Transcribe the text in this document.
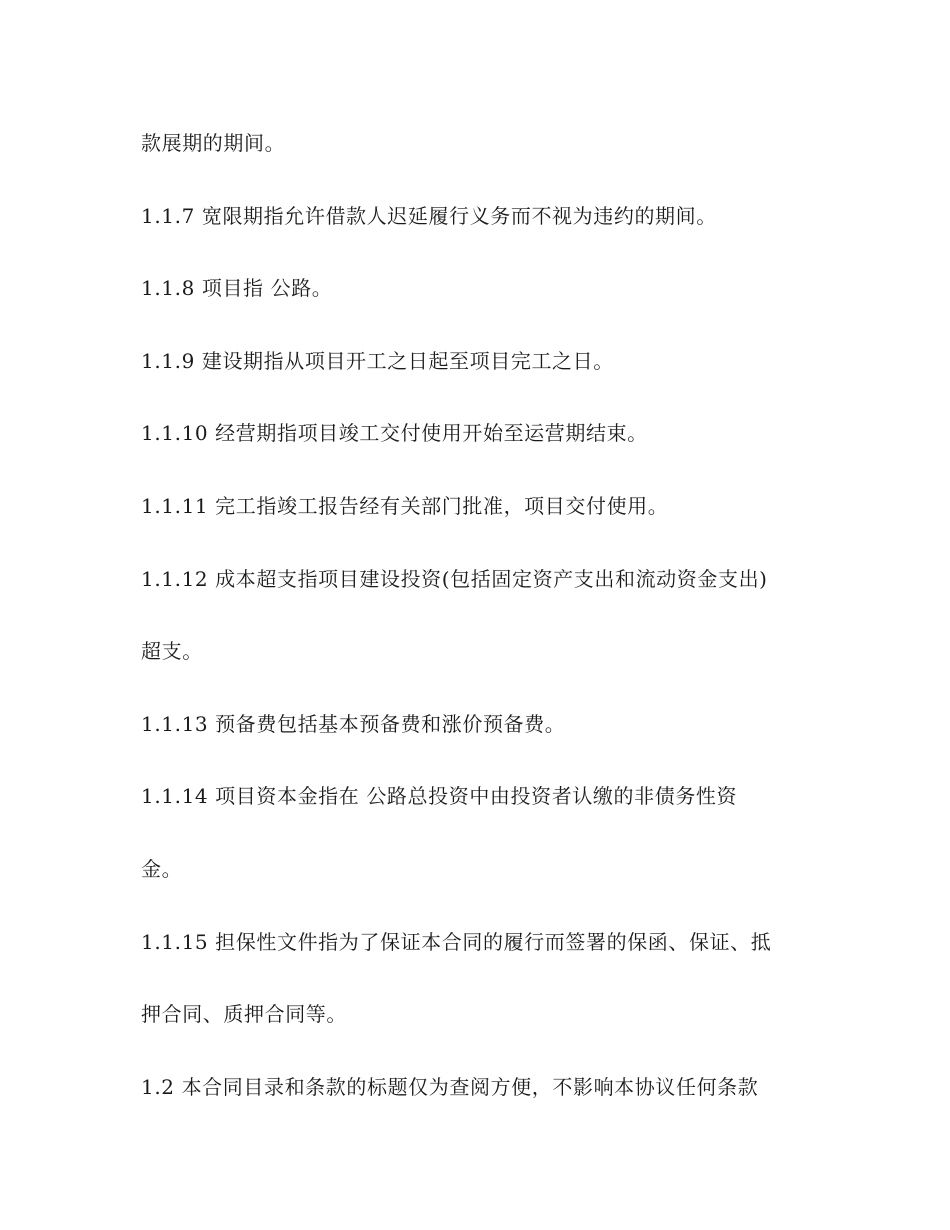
款展期的期间。
1.1.7 宽限期指允许借款人迟延履行义务而不视为违约的期间。
1.1.8 项目指 公路。
1.1.9 建设期指从项目开工之日起至项目完工之日。
1.1.10 经营期指项目竣工交付使用开始至运营期结束。
1.1.11 完工指竣工报告经有关部门批准，项目交付使用。
1.1.12 成本超支指项目建设投资(包括固定资产支出和流动资金支出)
超支。
1.1.13 预备费包括基本预备费和涨价预备费。
1.1.14 项目资本金指在 公路总投资中由投资者认缴的非债务性资
金。
1.1.15 担保性文件指为了保证本合同的履行而签署的保函、保证、抵
押合同、质押合同等。
1.2 本合同目录和条款的标题仅为查阅方便，不影响本协议任何条款
